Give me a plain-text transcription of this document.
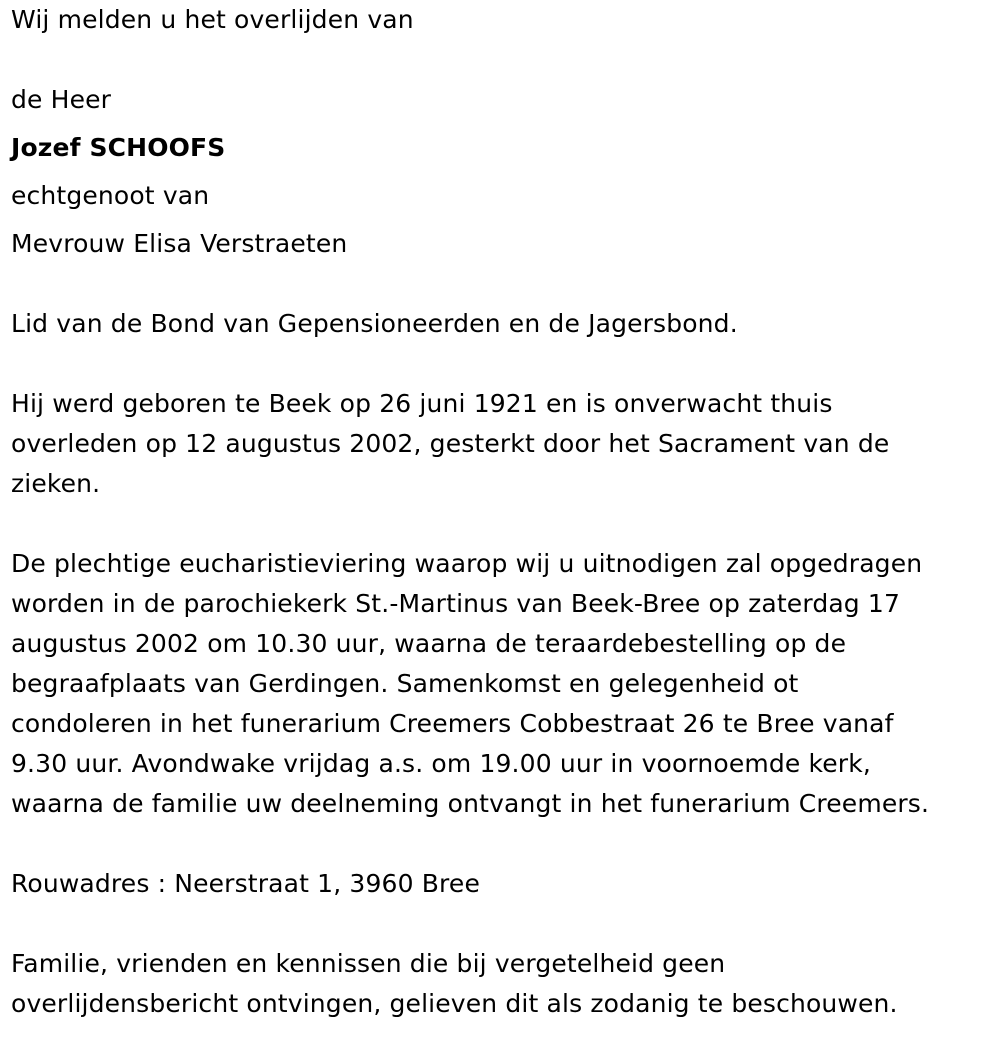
Wij melden u het overlijden van
de Heer
Jozef SCHOOFS
echtgenoot van
Mevrouw Elisa Verstraeten
Lid van de Bond van Gepensioneerden en de Jagersbond.
Hij werd geboren te Beek op 26 juni 1921 en is onverwacht thuis
overleden op 12 augustus 2002, gesterkt door het Sacrament van de
zieken.
De plechtige eucharistieviering waarop wij u uitnodigen zal opgedragen
worden in de parochiekerk St.-Martinus van Beek-Bree op zaterdag 17
augustus 2002 om 10.30 uur, waarna de teraardebestelling op de
begraafplaats van Gerdingen. Samenkomst en gelegenheid ot
condoleren in het funerarium Creemers Cobbestraat 26 te Bree vanaf
9.30 uur. Avondwake vrijdag a.s. om 19.00 uur in voornoemde kerk,
waarna de familie uw deelneming ontvangt in het funerarium Creemers.
Rouwadres : Neerstraat 1, 3960 Bree
Familie, vrienden en kennissen die bij vergetelheid geen
overlijdensbericht ontvingen, gelieven dit als zodanig te beschouwen.
